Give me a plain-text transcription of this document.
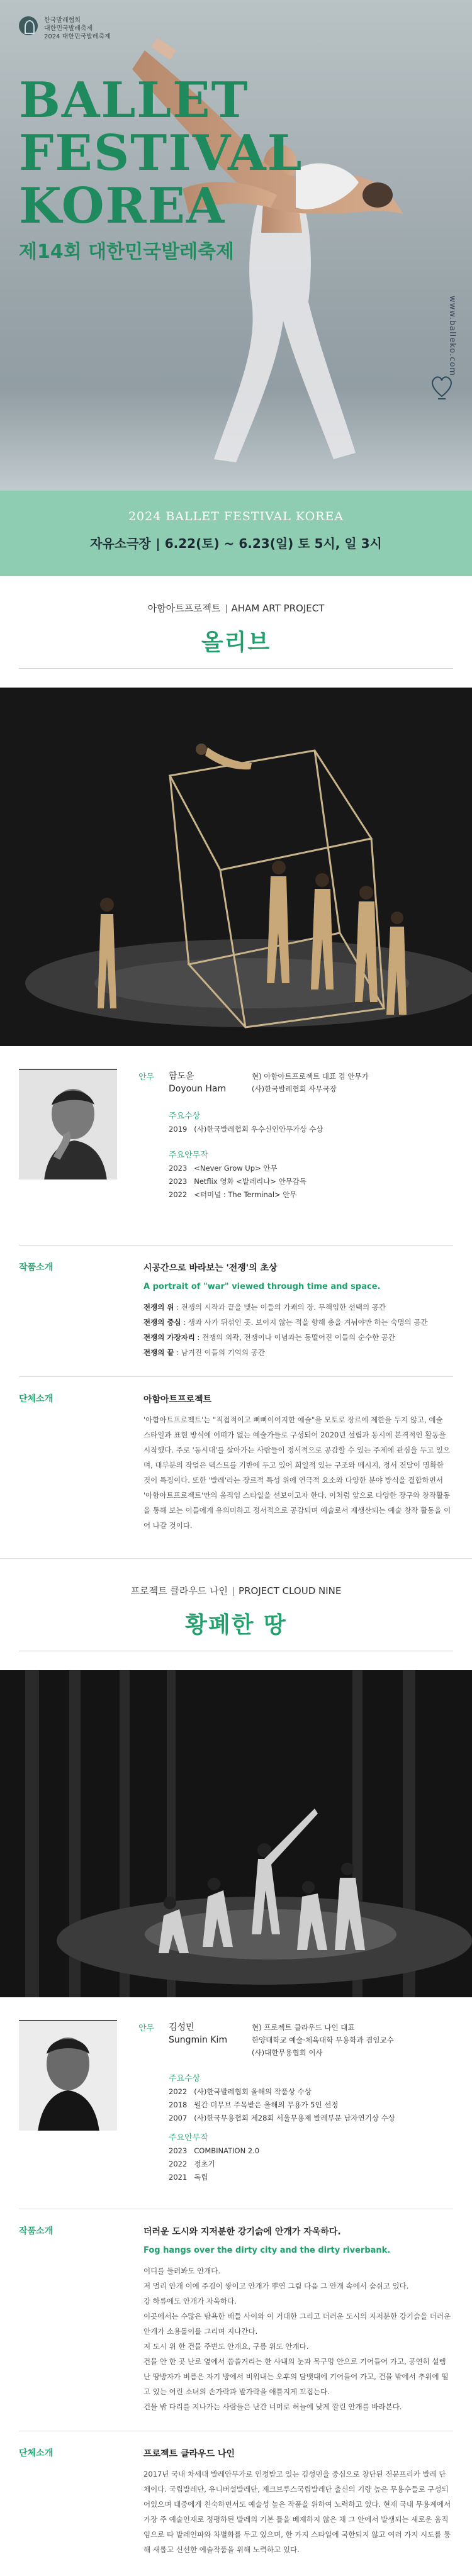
한국발레협회
대한민국발레축제
2024 대한민국발레축제
BALLET
FESTIVAL
KOREA
제14회 대한민국발레축제
www.balleko.com
2024 BALLET FESTIVAL KOREA
자유소극장 6.22(토) ~ 6.23(일) 토 5시, 일 3시
아함아트프로젝트 AHAM ART PROJECT
올리브
안무 함도윤
Doyoun Ham
현) 아함아트프로젝트 대표 겸 안무가
(사)한국발레협회 사무국장
주요수상
2019 (사)한국발레협회 우수신인안무가상 수상
주요안무작
2023 <Never Grow Up> 안무
2023 Netflix 영화 <발레리나> 안무감독
2022 <터미널 : The Terminal> 안무
작품소개	시공간으로 바라보는 '전쟁'의 초상
A portrait of "war" viewed through time and space.
전쟁의 위 : 전쟁의 시작과 끝을 맺는 이들의 가쾌의 장. 무책임한 선택의 공간
전쟁의 중심 : 생과 사가 뒤섞인 곳. 보이지 않는 적을 향해 총을 겨눠야만 하는 숙명의 공간
전쟁의 가장자리 : 전쟁의 외곽, 전쟁이나 이념과는 동떨어진 이들의 순수한 공간
전쟁의 끝 : 남겨진 이들의 기억의 공간
단체소개	아함아트프로젝트
'아함아트프로젝트'는 "직접적이고 뻐뻐이어지한 예술"을 모토로 장르에 제한을 두지 않고, 예술 스타일과 표현 방식에 어떠가 없는 예술가들로 구성되어 2020년 설립과 동시에 본격적인 활동을 시작했다. 주로 '동시대'를 살아가는 사람들이 정서적으로 공감할 수 있는 주제에 관심을 두고 있으며, 대부분의 작업은 텍스트를 기반에 두고 있어 희일적 있는 구조와 메시지, 정서 전달이 명확한 것이 특징이다. 또한 '발레'라는 장르적 특성 위에 연극적 요소와 다양한 분야 방식을 결합하면서 '아함아트프로젝트'만의 움직임 스타일을 선보이고자 한다. 이처럼 앞으로 다양한 장구와 창작활동을 통해 보는 이들에게 유의미하고 정서적으로 공감되며 예술로서 재생산되는 예술 창작 활동을 이어 나갈 것이다.
프로젝트 클라우드 나인 PROJECT CLOUD NINE
황폐한 땅
안무 김성민
Sungmin Kim
현) 프로젝트 클라우드 나인 대표
한양대학교 예술·체육대학 무용학과 겸임교수
(사)대한무용협회 이사
주요수상
2022 (사)한국발레협회 올해의 작품상 수상
2018 월간 더무브 주목받은 올해의 무용가 5인 선정
2007 (사)한국무용협회 제28회 서울무용제 발레부문 남자연기상 수상
주요안무작
2023 COMBINATION 2.0
2022 정초기
2021 독립
작품소개	더러운 도시와 지저분한 강기슭에 안개가 자욱하다.
Fog hangs over the dirty city and the dirty riverbank.
어디를 둘러봐도 안개다.
저 멀리 안개 이에 주검이 쌓이고 안개가 뿌연 그림 다음 그 안개 속에서 숨쉬고 있다.
강 하류에도 안개가 자욱하다.
이곳에서는 수많은 탐욕한 배들 사이와 이 거대한 그리고 더러운 도시의 지저분한 강기슭을 더러운 안개가 소용돌이를 그리며 지나간다.
저 도시 위 한 건물 주변도 안개요, 구름 위도 안개다.
건물 안 한 곳 난로 옆에서 씁쓸거리는 한 사내의 눈과 목구멍 안으로 기어들어 가고, 공연히 설렘난 땅방자가 벼름은 자기 방에서 비워내는 오후의 담뱃대에 기어들어 가고, 건물 밖에서 추위에 떨고 있는 어린 소녀의 손가락과 발가락을 애틀지게 꼬집는다.
건물 밖 다리를 지나가는 사람들은 난간 너머로 허늘에 낮게 깔린 안개를 바라본다.
단체소개	프로젝트 클라우드 나인
2017년 국내 차세대 발레안무가로 인정받고 있는 김성민을 중심으로 창단된 전문프리카 발레 단체이다. 국립발레단, 유니버설발레단, 제크브루스국립발레단 출신의 기량 높은 무용수들로 구성되어있으며 대중에게 친숙하면서도 예술성 높은 작품을 위하여 노력하고 있다. 현재 국내 무용계에서 가장 주 예술인재로 정평하된 발레의 기본 틀을 베제하지 않은 채 그 안에서 발생되는 새로운 움직임으로 타 발레인파와 차별화를 두고 있으며, 한 가지 스타일에 국한되지 않고 여러 가지 시도를 통해 새롭고 신선한 예술작품을 위해 노력하고 있다.
